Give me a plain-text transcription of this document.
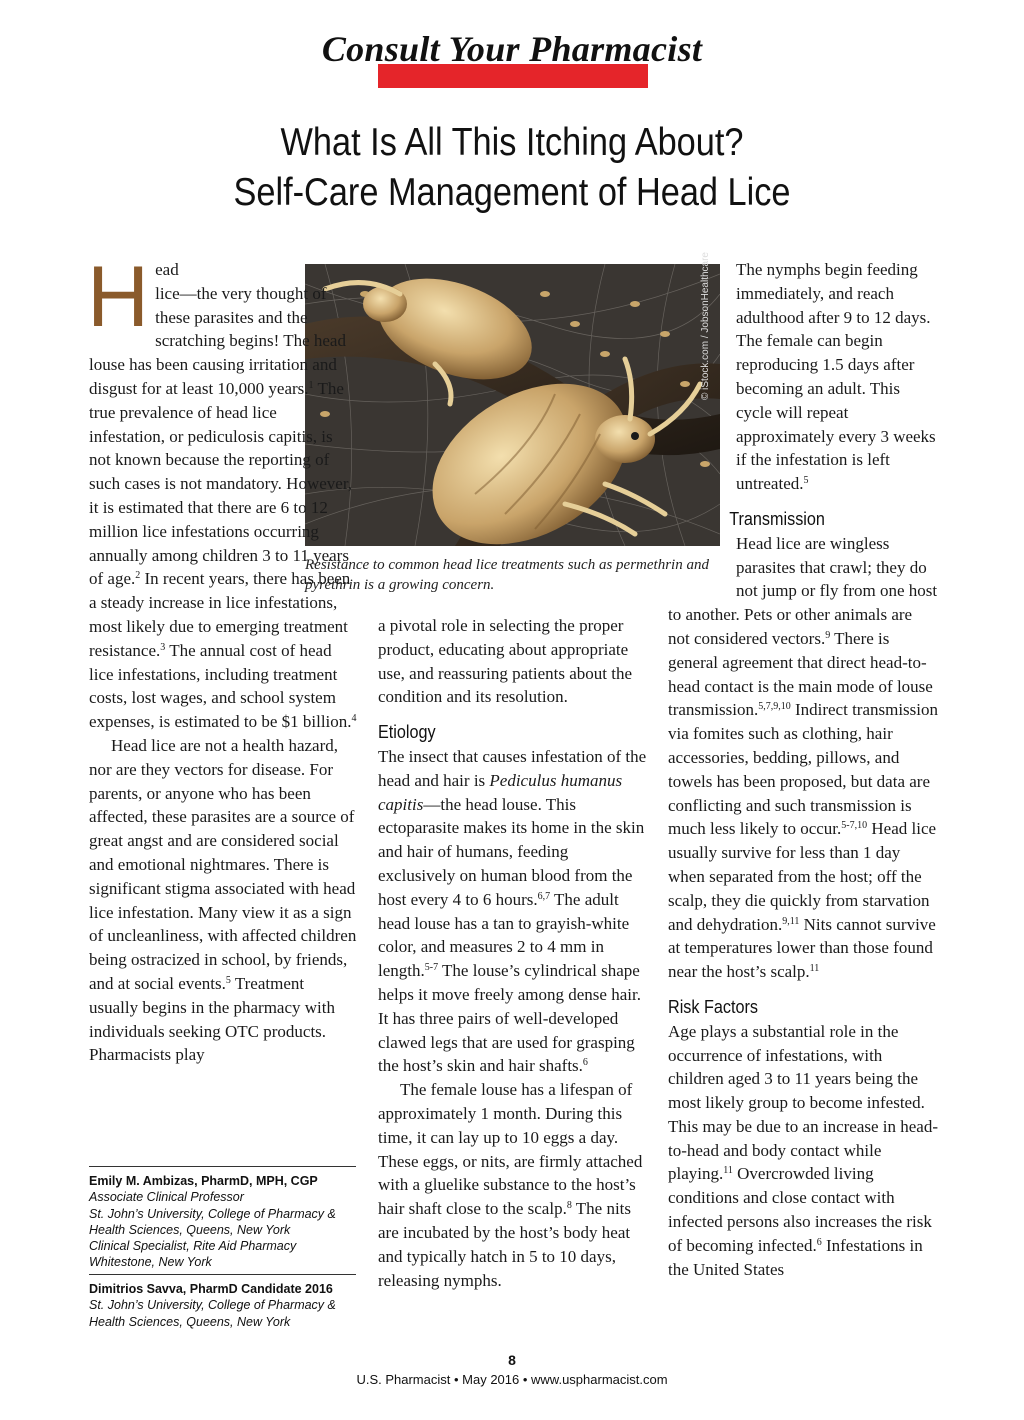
Consult Your Pharmacist
What Is All This Itching About?
Self-Care Management of Head Lice
© iStock.com / JobsonHealthcare
Resistance to common head lice treatments such as permethrin and pyrethrin is a growing concern.

Head lice—the very thought of these parasites and the scratching begins! The head louse has been causing irritation and disgust for at least 10,000 years.$^1$ The true prevalence of head lice infestation, or pediculosis capitis, is not known because the reporting of such cases is not mandatory. However, it is estimated that there are 6 to 12 million lice infestations occurring annually among children 3 to 11 years of age.$^2$ In recent years, there has been a steady increase in lice infestations, most likely due to emerging treatment resistance.$^3$ The annual cost of head lice infestations, including treatment costs, lost wages, and school system expenses, is estimated to be $1 billion.$^4$

Head lice are not a health hazard, nor are they vectors for disease. For parents, or anyone who has been affected, these parasites are a source of great angst and are considered social and emotional nightmares. There is significant stigma associated with head lice infestation. Many view it as a sign of uncleanliness, with affected children being ostracized in school, by friends, and at social events.$^5$ Treatment usually begins in the pharmacy with individuals seeking OTC products. Pharmacists play

Emily M. Ambizas, PharmD, MPH, CGP
Associate Clinical Professor
St. John’s University, College of Pharmacy & Health Sciences, Queens, New York
Clinical Specialist, Rite Aid Pharmacy Whitestone, New York
Dimitrios Savva, PharmD Candidate 2016
St. John’s University, College of Pharmacy & Health Sciences, Queens, New York

a pivotal role in selecting the proper product, educating about appropriate use, and reassuring patients about the condition and its resolution.

Etiology

The insect that causes infestation of the head and hair is Pediculus humanus capitis—the head louse. This ectoparasite makes its home in the skin and hair of humans, feeding exclusively on human blood from the host every 4 to 6 hours.$^{6,7}$ The adult head louse has a tan to grayish-white color, and measures 2 to 4 mm in length.$^{5-7}$ The louse’s cylindrical shape helps it move freely among dense hair. It has three pairs of well-developed clawed legs that are used for grasping the host’s skin and hair shafts.$^6$

The female louse has a lifespan of approximately 1 month. During this time, it can lay up to 10 eggs a day. These eggs, or nits, are firmly attached with a gluelike substance to the host’s hair shaft close to the scalp.$^8$ The nits are incubated by the host’s body heat and typically hatch in 5 to 10 days, releasing nymphs.

The nymphs begin feeding immediately, and reach adulthood after 9 to 12 days. The female can begin reproducing 1.5 days after becoming an adult. This cycle will repeat approximately every 3 weeks if the infestation is left untreated.$^5$

Transmission

Head lice are wingless parasites that crawl; they do not jump or fly from one host to another. Pets or other animals are not considered vectors.$^9$ There is general agreement that direct head-to-head contact is the main mode of louse transmission.$^{5,7,9,10}$ Indirect transmission via fomites such as clothing, hair accessories, bedding, pillows, and towels has been proposed, but data are conflicting and such transmission is much less likely to occur.$^{5-7,10}$ Head lice usually survive for less than 1 day when separated from the host; off the scalp, they die quickly from starvation and dehydration.$^{9,11}$ Nits cannot survive at temperatures lower than those found near the host’s scalp.$^{11}$

Risk Factors

Age plays a substantial role in the occurrence of infestations, with children aged 3 to 11 years being the most likely group to become infested. This may be due to an increase in head-to-head and body contact while playing.$^{11}$ Overcrowded living conditions and close contact with infected persons also increases the risk of becoming infected.$^6$ Infestations in the United States

8
U.S. Pharmacist • May 2016 • www.uspharmacist.com
